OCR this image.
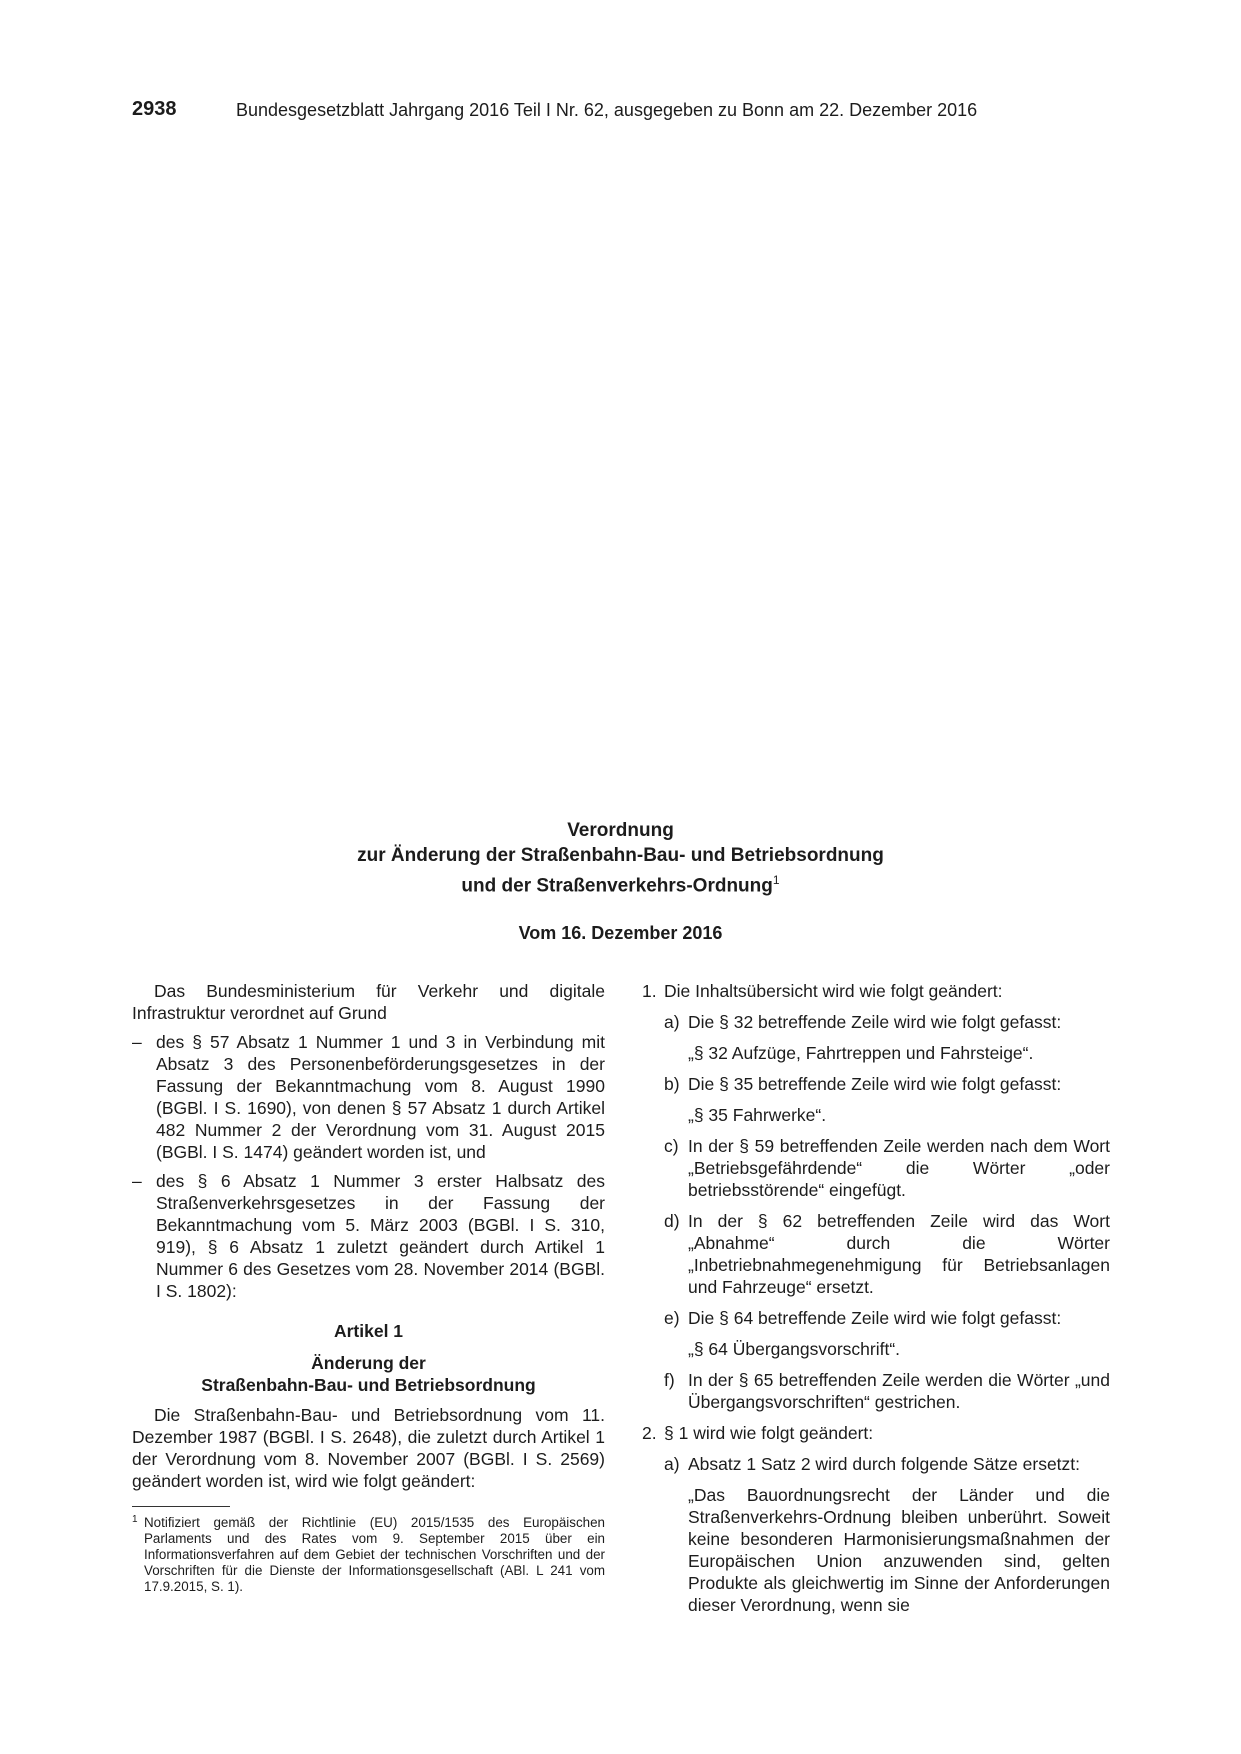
2938	Bundesgesetzblatt Jahrgang 2016 Teil I Nr. 62, ausgegeben zu Bonn am 22. Dezember 2016
Verordnung
zur Änderung der Straßenbahn-Bau- und Betriebsordnung
und der Straßenverkehrs-Ordnung$^1$
Vom 16. Dezember 2016

Das Bundesministerium für Verkehr und digitale Infrastruktur verordnet auf Grund

– des § 57 Absatz 1 Nummer 1 und 3 in Verbindung mit Absatz 3 des Personenbeförderungsgesetzes in der Fassung der Bekanntmachung vom 8. August 1990 (BGBl. I S. 1690), von denen § 57 Absatz 1 durch Artikel 482 Nummer 2 der Verordnung vom 31. August 2015 (BGBl. I S. 1474) geändert worden ist, und
– des § 6 Absatz 1 Nummer 3 erster Halbsatz des Straßenverkehrsgesetzes in der Fassung der Bekanntmachung vom 5. März 2003 (BGBl. I S. 310, 919), § 6 Absatz 1 zuletzt geändert durch Artikel 1 Nummer 6 des Gesetzes vom 28. November 2014 (BGBl. I S. 1802):
Artikel 1
Änderung der
Straßenbahn-Bau- und Betriebsordnung

Die Straßenbahn-Bau- und Betriebsordnung vom 11. Dezember 1987 (BGBl. I S. 2648), die zuletzt durch Artikel 1 der Verordnung vom 8. November 2007 (BGBl. I S. 2569) geändert worden ist, wird wie folgt geändert:

1 Notifiziert gemäß der Richtlinie (EU) 2015/1535 des Europäischen Parlaments und des Rates vom 9. September 2015 über ein Informationsverfahren auf dem Gebiet der technischen Vorschriften und der Vorschriften für die Dienste der Informationsgesellschaft (ABl. L 241 vom 17.9.2015, S. 1).
1. Die Inhaltsübersicht wird wie folgt geändert:
a) Die § 32 betreffende Zeile wird wie folgt gefasst:
„§ 32 Aufzüge, Fahrtreppen und Fahrsteige“.
b) Die § 35 betreffende Zeile wird wie folgt gefasst:
„§ 35 Fahrwerke“.
c) In der § 59 betreffenden Zeile werden nach dem Wort „Betriebsgefährdende“ die Wörter „oder betriebsstörende“ eingefügt.
d) In der § 62 betreffenden Zeile wird das Wort „Abnahme“ durch die Wörter „Inbetriebnahmegenehmigung für Betriebsanlagen und Fahrzeuge“ ersetzt.
e) Die § 64 betreffende Zeile wird wie folgt gefasst:
„§ 64 Übergangsvorschrift“.
f) In der § 65 betreffenden Zeile werden die Wörter „und Übergangsvorschriften“ gestrichen.
2. § 1 wird wie folgt geändert:
a) Absatz 1 Satz 2 wird durch folgende Sätze ersetzt:
„Das Bauordnungsrecht der Länder und die Straßenverkehrs-Ordnung bleiben unberührt. Soweit keine besonderen Harmonisierungsmaßnahmen der Europäischen Union anzuwenden sind, gelten Produkte als gleichwertig im Sinne der Anforderungen dieser Verordnung, wenn sie
